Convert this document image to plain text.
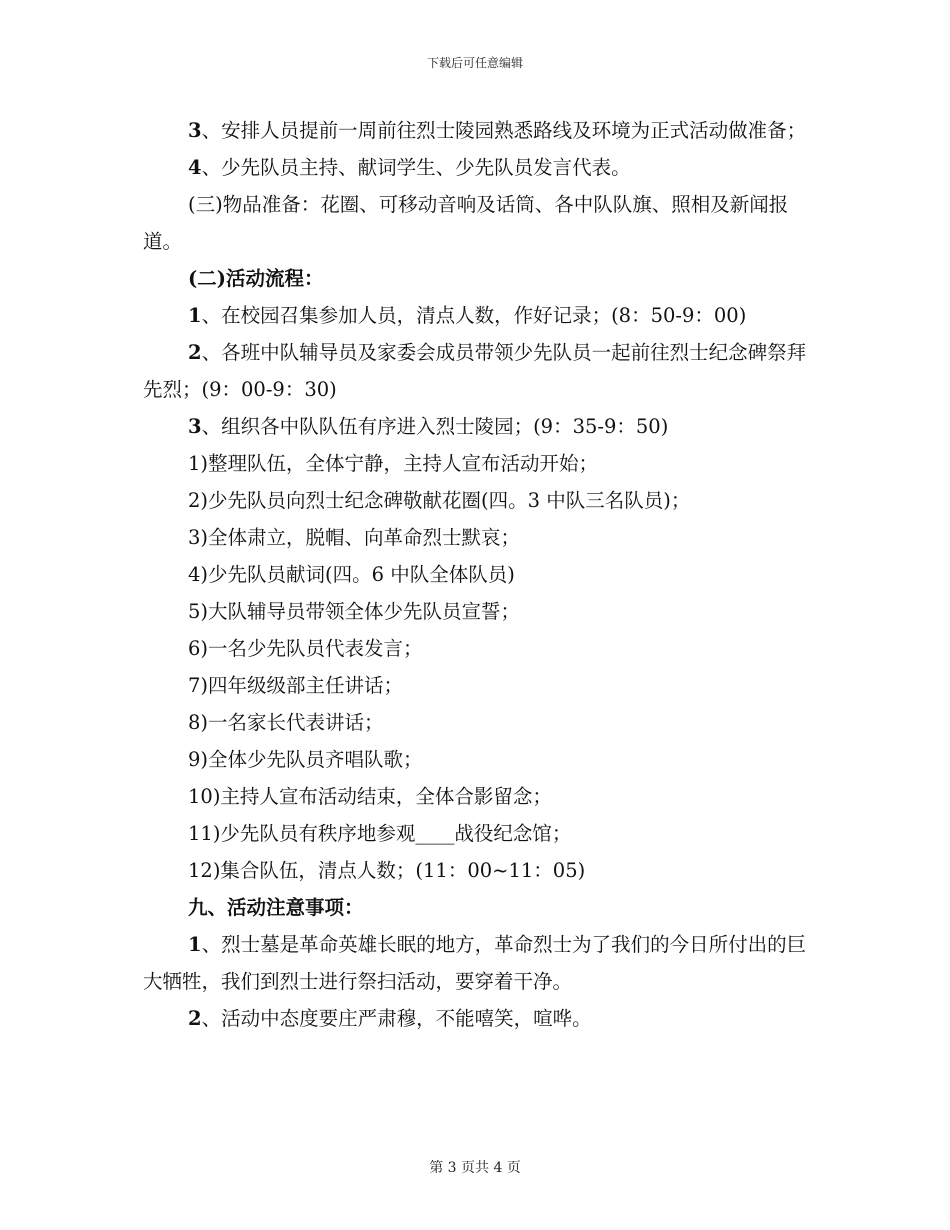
下载后可任意编辑

3、安排人员提前一周前往烈士陵园熟悉路线及环境为正式活动做准备；

4、少先队员主持、献词学生、少先队员发言代表。

(三)物品准备：花圈、可移动音响及话筒、各中队队旗、照相及新闻报道。

(二)活动流程：

1、在校园召集参加人员，清点人数，作好记录；(8：50-9：00)

2、各班中队辅导员及家委会成员带领少先队员一起前往烈士纪念碑祭拜先烈；(9：00-9：30)

3、组织各中队队伍有序进入烈士陵园；(9：35-9：50)

1)整理队伍，全体宁静，主持人宣布活动开始；

2)少先队员向烈士纪念碑敬献花圈(四。3 中队三名队员)；

3)全体肃立，脱帽、向革命烈士默哀；

4)少先队员献词(四。6 中队全体队员)

5)大队辅导员带领全体少先队员宣誓；

6)一名少先队员代表发言；

7)四年级级部主任讲话；

8)一名家长代表讲话；

9)全体少先队员齐唱队歌；

10)主持人宣布活动结束，全体合影留念；

11)少先队员有秩序地参观____战役纪念馆；

12)集合队伍，清点人数；(11：00~11：05)

九、活动注意事项：

1、烈士墓是革命英雄长眠的地方，革命烈士为了我们的今日所付出的巨大牺牲，我们到烈士进行祭扫活动，要穿着干净。

2、活动中态度要庄严肃穆，不能嘻笑，喧哗。

第 3 页共 4 页
